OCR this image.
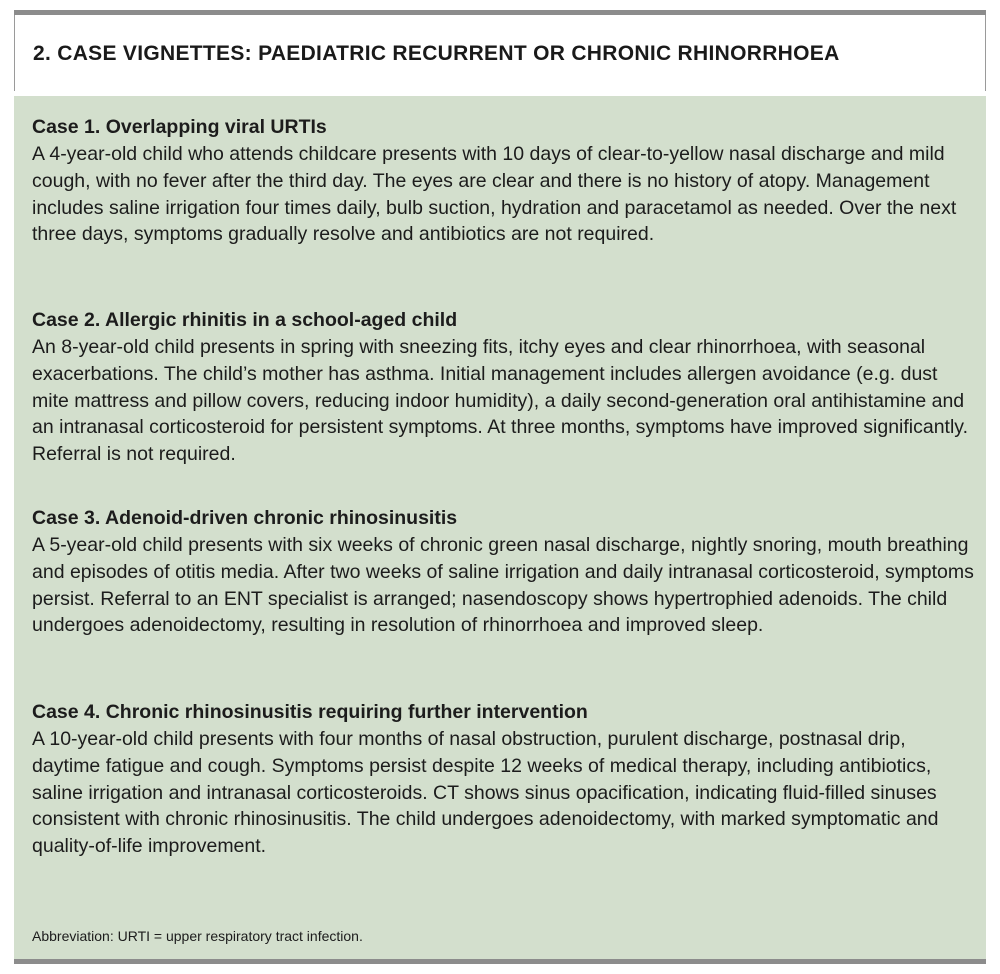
2. CASE VIGNETTES: PAEDIATRIC RECURRENT OR CHRONIC RHINORRHOEA
Case 1. Overlapping viral URTIs
A 4-year-old child who attends childcare presents with 10 days of clear-to-yellow nasal discharge and mild cough, with no fever after the third day. The eyes are clear and there is no history of atopy. Management includes saline irrigation four times daily, bulb suction, hydration and paracetamol as needed. Over the next three days, symptoms gradually resolve and antibiotics are not required.
Case 2. Allergic rhinitis in a school-aged child
An 8-year-old child presents in spring with sneezing fits, itchy eyes and clear rhinorrhoea, with seasonal exacerbations. The child’s mother has asthma. Initial management includes allergen avoidance (e.g. dust mite mattress and pillow covers, reducing indoor humidity), a daily second-generation oral antihistamine and an intranasal corticosteroid for persistent symptoms. At three months, symptoms have improved significantly. Referral is not required.
Case 3. Adenoid-driven chronic rhinosinusitis
A 5-year-old child presents with six weeks of chronic green nasal discharge, nightly snoring, mouth breathing and episodes of otitis media. After two weeks of saline irrigation and daily intranasal corticosteroid, symptoms persist. Referral to an ENT specialist is arranged; nasendoscopy shows hypertrophied adenoids. The child undergoes adenoidectomy, resulting in resolution of rhinorrhoea and improved sleep.
Case 4. Chronic rhinosinusitis requiring further intervention
A 10-year-old child presents with four months of nasal obstruction, purulent discharge, postnasal drip, daytime fatigue and cough. Symptoms persist despite 12 weeks of medical therapy, including antibiotics, saline irrigation and intranasal corticosteroids. CT shows sinus opacification, indicating fluid-filled sinuses consistent with chronic rhinosinusitis. The child undergoes adenoidectomy, with marked symptomatic and quality-of-life improvement.
Abbreviation: URTI = upper respiratory tract infection.
